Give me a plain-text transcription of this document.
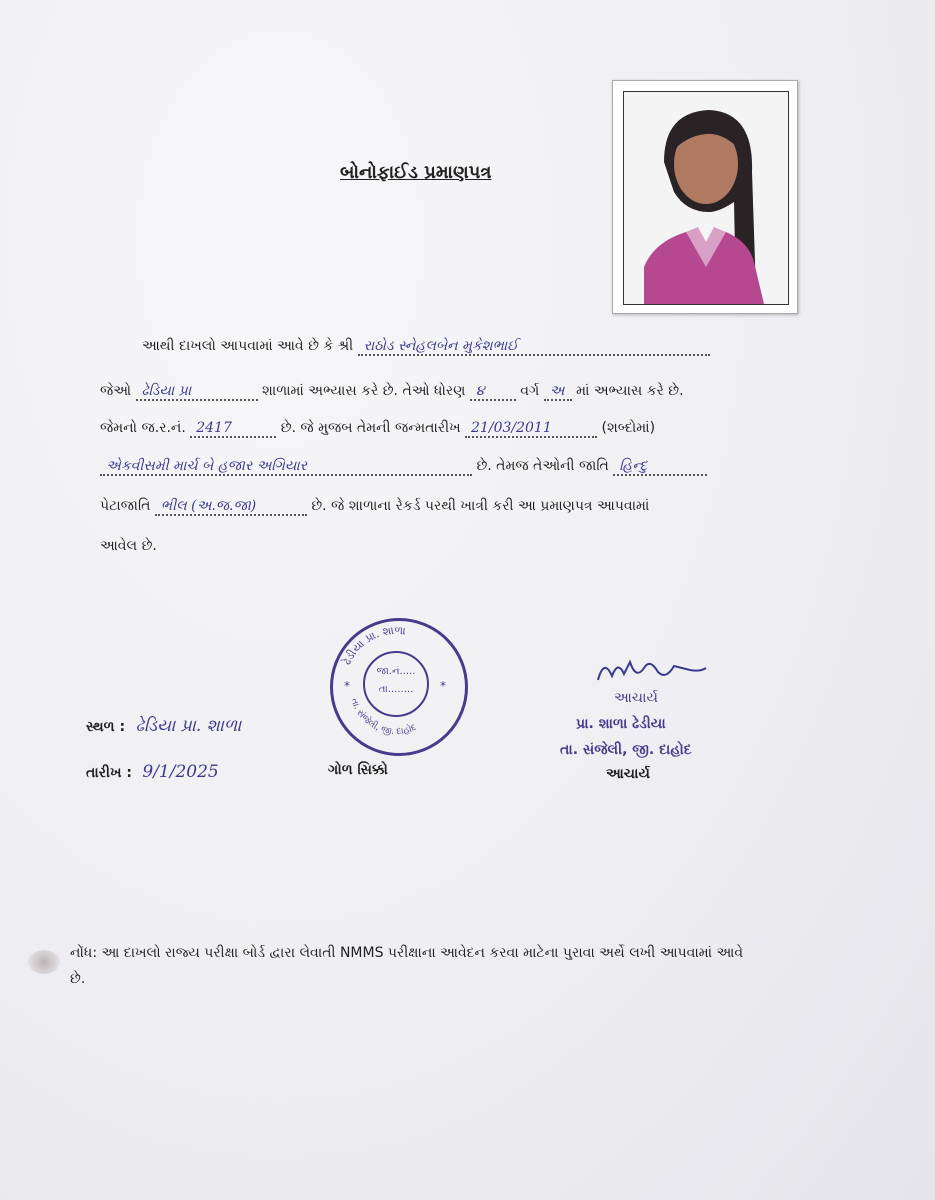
બોનોફાઈડ પ્રમાણપત્ર
આથી દાખલો આપવામાં આવે છે કે શ્રી રાઠોડ સ્નેહલબેન મુકેશભાઈ
જેઓ ઢેડિયા પ્રા	શાળામાં અભ્યાસ કરે છે. તેઓ ધોરણ ૪	વર્ગ અ માં અભ્યાસ કરે છે.
જેમનો જ.ર.નં. 2417	છે. જે મુજબ તેમની જન્મતારીખ 21/03/2011	(શબ્દોમાં)
એકવીસમી માર્ચ બે હજાર અગિયાર	છે. તેમજ તેઓની જાતિ હિન્દુ
પેટાજાતિ ભીલ (અ.જ.જા)	છે. જે શાળાના રેકર્ડ પરથી ખાત્રી કરી આ પ્રમાણપત્ર આપવામાં
આવેલ છે.
ઢેડીયા પ્રા. શાળા
તા. સંજેલી, જી. દાહોદ
*	*
જા.નં.....
તા........
આચાર્ય
પ્રા. શાળા ઢેડીયા
તા. સંજેલી, જી. દાહોદ
આચાર્ય
સ્થળ : ઢેડિયા પ્રા. શાળા
તારીખ : 9/1/2025	ગોળ સિક્કો
નોંધ: આ દાખલો રાજ્ય પરીક્ષા બોર્ડ દ્વારા લેવાતી NMMS પરીક્ષાના આવેદન કરવા માટેના પુરાવા અર્થે લખી આપવામાં આવે છે.
